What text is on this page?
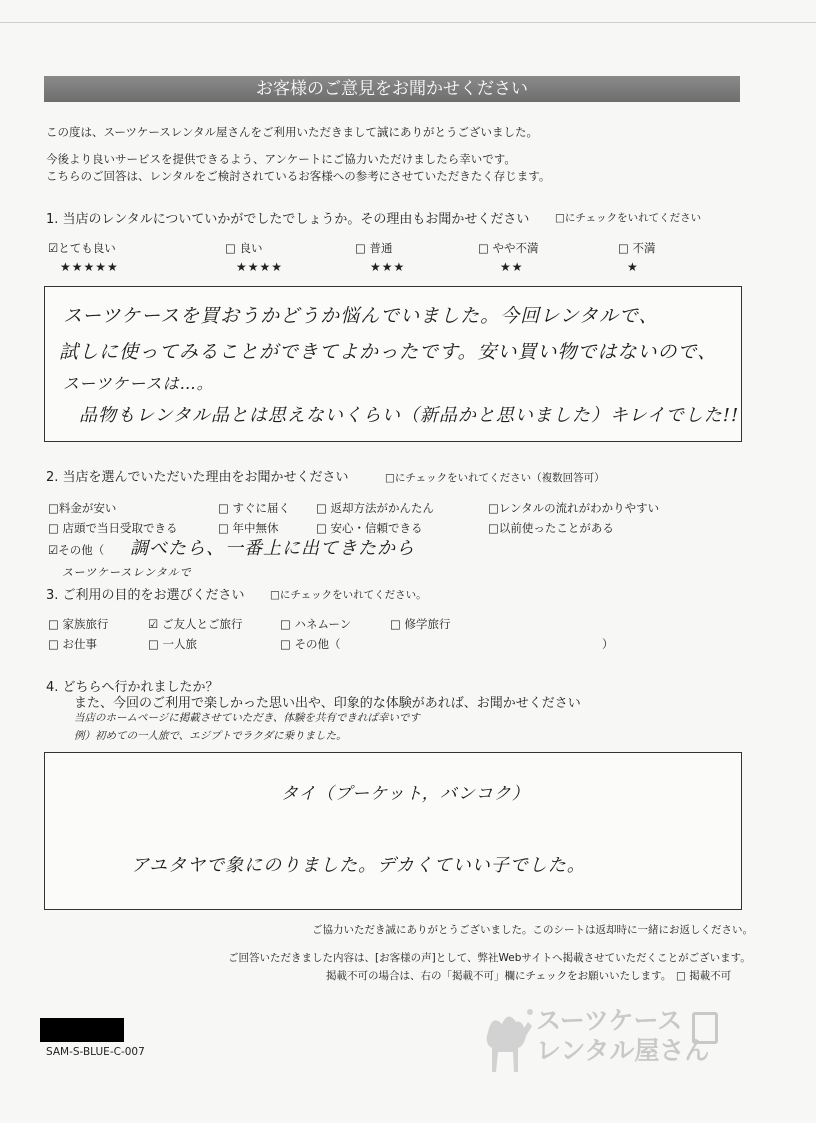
お客様のご意見をお聞かせください
この度は、スーツケースレンタル屋さんをご利用いただきまして誠にありがとうございました。
今後より良いサービスを提供できるよう、アンケートにご協力いただけましたら幸いです。
こちらのご回答は、レンタルをご検討されているお客様への参考にさせていただきたく存じます。
1. 当店のレンタルについていかがでしたでしょうか。その理由もお聞かせください □にチェックをいれてください
☑とても良い
★★★★★
□ 良い
★★★★
□ 普通
★★★
□ やや不満
★★
□ 不満
★
スーツケースを買おうかどうか悩んでいました。今回レンタルで、
試しに使ってみることができてよかったです。安い買い物ではないので、
スーツケースは…。
品物もレンタル品とは思えないくらい（新品かと思いました）キレイでした!!
2. 当店を選んでいただいた理由をお聞かせください	□にチェックをいれてください（複数回答可）
□料金が安い	□ すぐに届く □ 返却方法がかんたん	□レンタルの流れがわかりやすい
□ 店頭で当日受取できる	□ 年中無休	□ 安心・信頼できる	□以前使ったことがある
☑その他（ 調べたら、一番上に出てきたから
スーツケースレンタルで
3. ご利用の目的をお選びください □にチェックをいれてください。
□ 家族旅行	☑ ご友人とご旅行	□ ハネムーン	□ 修学旅行
□ お仕事	□ 一人旅	□ その他（	）
4. どちらへ行かれましたか？
また、今回のご利用で楽しかった思い出や、印象的な体験があれば、お聞かせください
当店のホームページに掲載させていただき、体験を共有できれば幸いです
例）初めての一人旅で、エジプトでラクダに乗りました。
タイ（プーケット，バンコク）
アユタヤで象にのりました。デカくていい子でした。
ご協力いただき誠にありがとうございました。このシートは返却時に一緒にお返しください。
ご回答いただきました内容は、[お客様の声]として、弊社Webサイトへ掲載させていただくことがございます。
掲載不可の場合は、右の「掲載不可」欄にチェックをお願いいたします。 □ 掲載不可
SAM-S-BLUE-C-007
スーツケース
レンタル屋さん
